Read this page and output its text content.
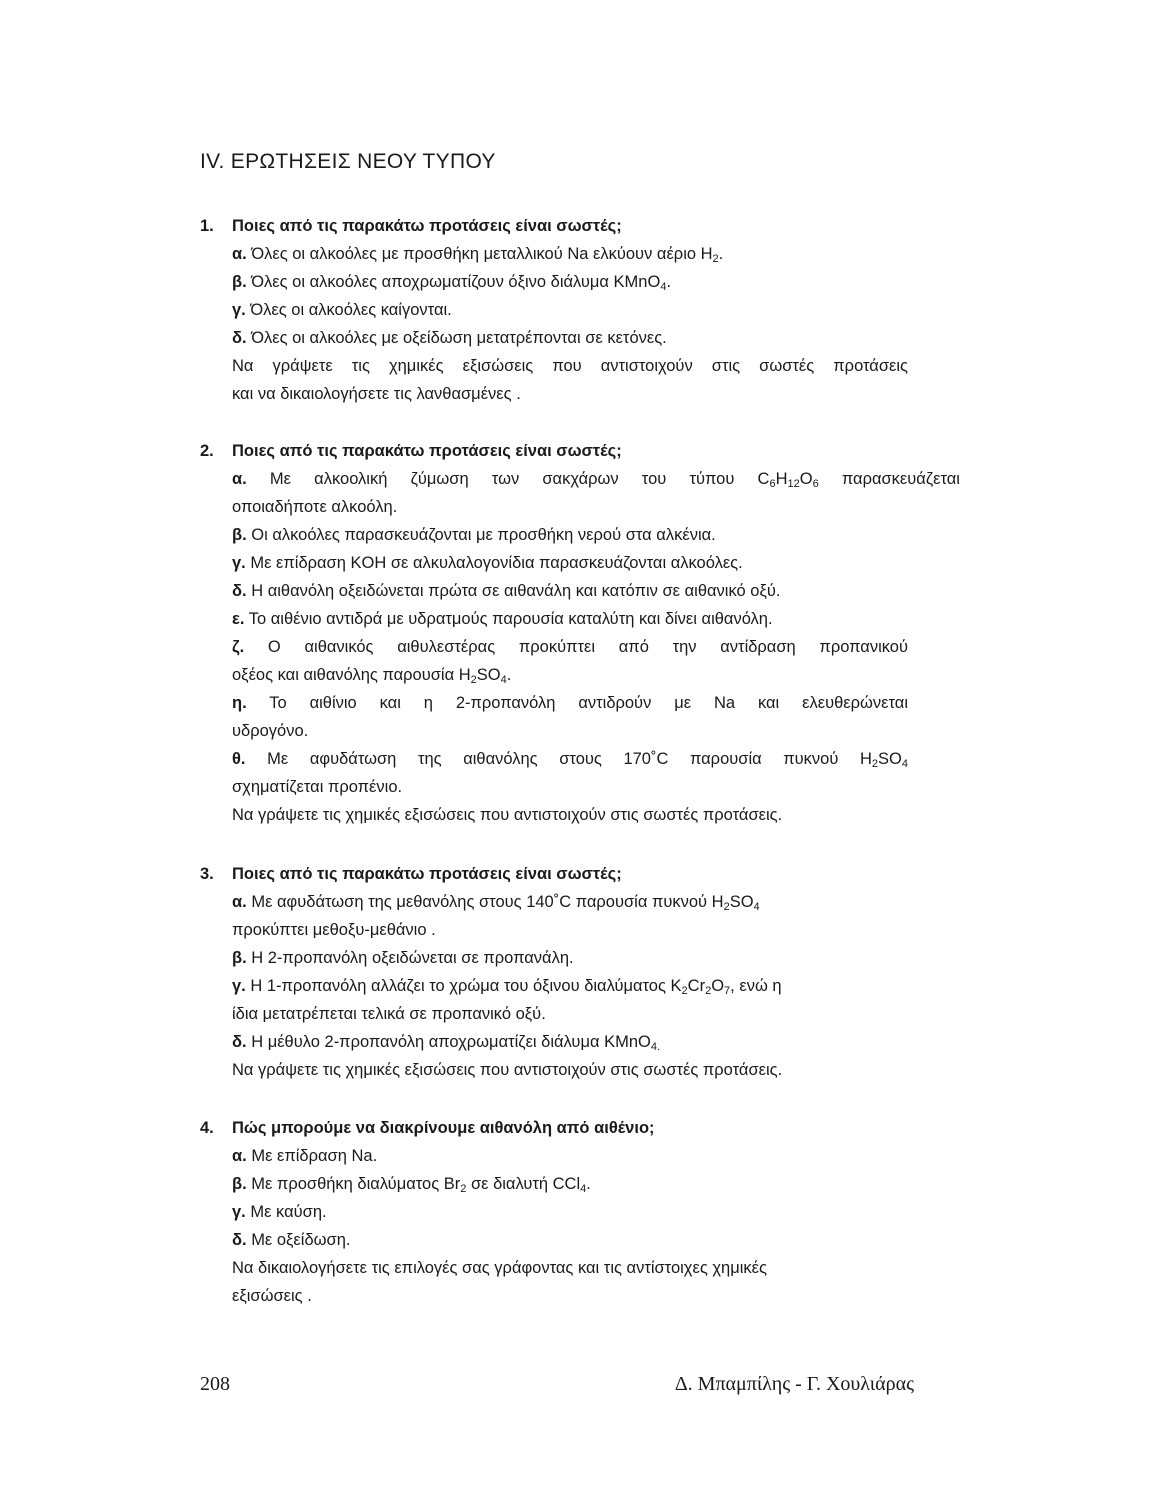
IV. ΕΡΩΤΗΣΕΙΣ ΝΕΟΥ ΤΥΠΟΥ
1.	Ποιες από τις παρακάτω προτάσεις είναι σωστές;
α. Όλες οι αλκοόλες με προσθήκη μεταλλικού Na ελκύουν αέριο $H_2$.
β. Όλες οι αλκοόλες αποχρωματίζουν όξινο διάλυμα KMnO$_4$.
γ. Όλες οι αλκοόλες καίγονται.
δ. Όλες οι αλκοόλες με οξείδωση μετατρέπονται σε κετόνες.
Να γράψετε τις χημικές εξισώσεις που αντιστοιχούν στις σωστές προτάσεις
και να δικαιολογήσετε τις λανθασμένες .
2.	Ποιες από τις παρακάτω προτάσεις είναι σωστές;
α. Με αλκοολική ζύμωση των σακχάρων του τύπου $C_6H_{12}O_6$ παρασκευάζεται
οποιαδήποτε αλκοόλη.
β. Οι αλκοόλες παρασκευάζονται με προσθήκη νερού στα αλκένια.
γ. Με επίδραση KOH σε αλκυλαλογονίδια παρασκευάζονται αλκοόλες.
δ. Η αιθανόλη οξειδώνεται πρώτα σε αιθανάλη και κατόπιν σε αιθανικό οξύ.
ε. Το αιθένιο αντιδρά με υδρατμούς παρουσία καταλύτη και δίνει αιθανόλη.
ζ. Ο αιθανικός αιθυλεστέρας προκύπτει από την αντίδραση προπανικού
οξέος και αιθανόλης παρουσία $H_2SO_4$.
η. Το αιθίνιο και η 2-προπανόλη αντιδρούν με Na και ελευθερώνεται
υδρογόνο.
θ. Με αφυδάτωση της αιθανόλης στους 170˚C παρουσία πυκνού $H_2SO_4$
σχηματίζεται προπένιο.
Να γράψετε τις χημικές εξισώσεις που αντιστοιχούν στις σωστές προτάσεις.
3.	Ποιες από τις παρακάτω προτάσεις είναι σωστές;
α. Με αφυδάτωση της μεθανόλης στους 140˚C παρουσία πυκνού $H_2SO_4$
προκύπτει μεθοξυ-μεθάνιο .
β. Η 2-προπανόλη οξειδώνεται σε προπανάλη.
γ. Η 1-προπανόλη αλλάζει το χρώμα του όξινου διαλύματος $K_2Cr_2O_7$, ενώ η
ίδια μετατρέπεται τελικά σε προπανικό οξύ.
δ. Η μέθυλο 2-προπανόλη αποχρωματίζει διάλυμα KMnO$_{4.}$
Να γράψετε τις χημικές εξισώσεις που αντιστοιχούν στις σωστές προτάσεις.
4.	Πώς μπορούμε να διακρίνουμε αιθανόλη από αιθένιο;
α. Με επίδραση Na.
β. Με προσθήκη διαλύματος $Br_2$ σε διαλυτή CCl$_4$.
γ. Με καύση.
δ. Με οξείδωση.
Να δικαιολογήσετε τις επιλογές σας γράφοντας και τις αντίστοιχες χημικές
εξισώσεις .
208	Δ. Μπαμπίλης - Γ. Χουλιάρας
